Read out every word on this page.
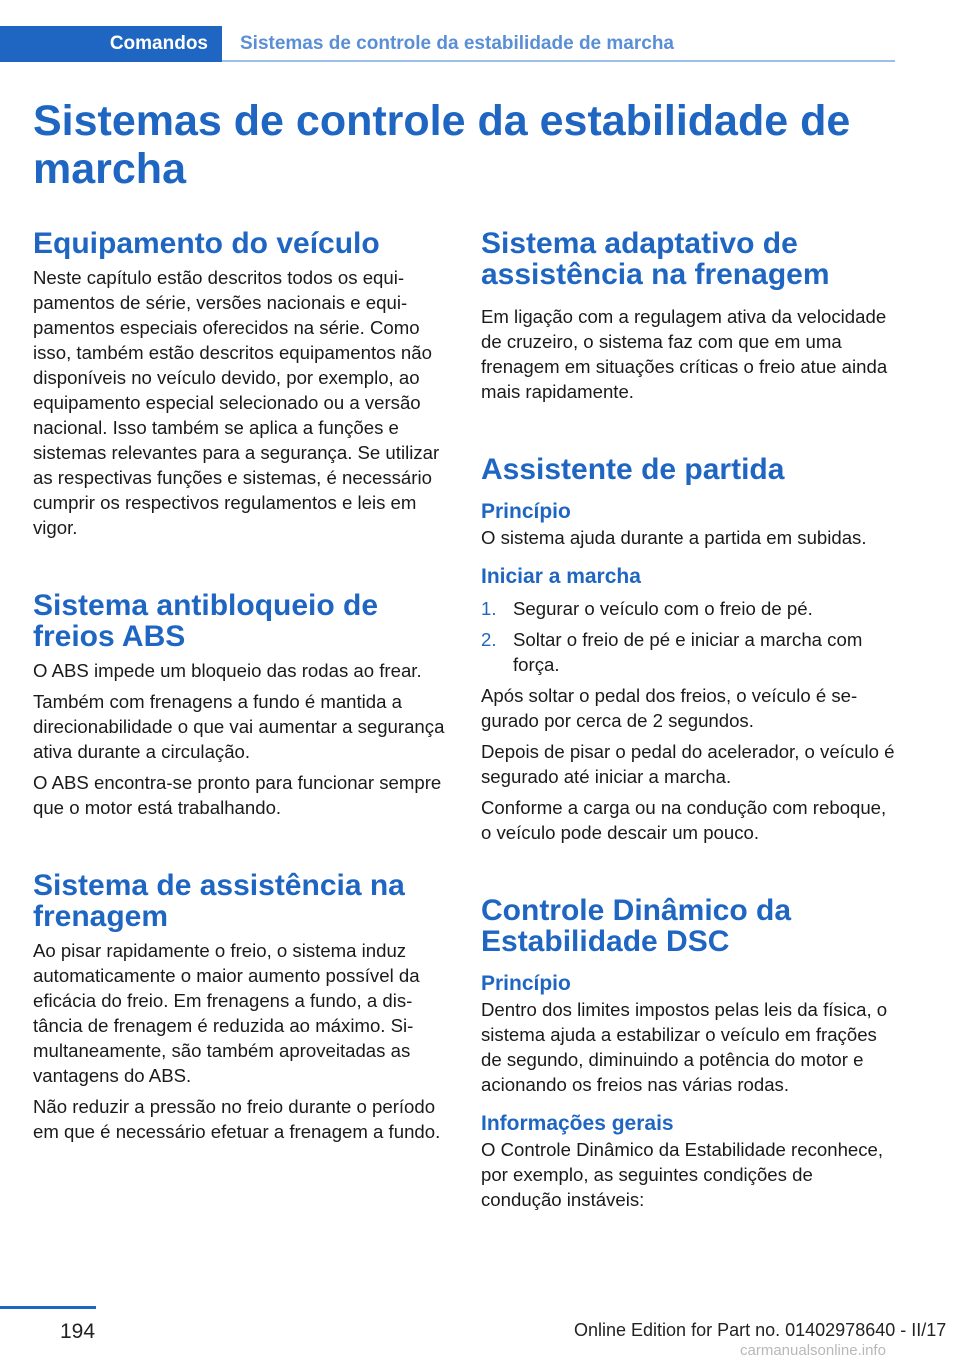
Comandos	Sistemas de controle da estabilidade de marcha
Sistemas de controle da estabilidade de marcha
Equipamento do veículo

Neste capítulo estão descritos todos os equipamentos de série, versões nacionais e equipamentos especiais oferecidos na série. Como isso, também estão descritos equipamentos não disponíveis no veículo devido, por exemplo, ao equipamento especial selecionado ou a versão nacional. Isso também se aplica a funções e sistemas relevantes para a segurança. Se utilizar as respectivas funções e sistemas, é necessário cumprir os respectivos regulamentos e leis em vigor.

Sistema antibloqueio de freios ABS

O ABS impede um bloqueio das rodas ao frear.

Também com frenagens a fundo é mantida a direcionabilidade o que vai aumentar a segurança ativa durante a circulação.

O ABS encontra-se pronto para funcionar sempre que o motor está trabalhando.

Sistema de assistência na frenagem

Ao pisar rapidamente o freio, o sistema induz automaticamente o maior aumento possível da eficácia do freio. Em frenagens a fundo, a distância de frenagem é reduzida ao máximo. Simultaneamente, são também aproveitadas as vantagens do ABS.

Não reduzir a pressão no freio durante o período em que é necessário efetuar a frenagem a fundo.

Sistema adaptativo de assistência na frenagem

Em ligação com a regulagem ativa da velocidade de cruzeiro, o sistema faz com que em uma frenagem em situações críticas o freio atue ainda mais rapidamente.

Assistente de partida
Princípio

O sistema ajuda durante a partida em subidas.

Iniciar a marcha
1. Segurar o veículo com o freio de pé.
2. Soltar o freio de pé e iniciar a marcha com força.

Após soltar o pedal dos freios, o veículo é segurado por cerca de 2 segundos.

Depois de pisar o pedal do acelerador, o veículo é segurado até iniciar a marcha.

Conforme a carga ou na condução com reboque, o veículo pode descair um pouco.

Controle Dinâmico da Estabilidade DSC
Princípio

Dentro dos limites impostos pelas leis da física, o sistema ajuda a estabilizar o veículo em frações de segundo, diminuindo a potência do motor e acionando os freios nas várias rodas.

Informações gerais

O Controle Dinâmico da Estabilidade reconhece, por exemplo, as seguintes condições de condução instáveis:

194	Online Edition for Part no. 01402978640 - II/17
carmanualsonline.info
